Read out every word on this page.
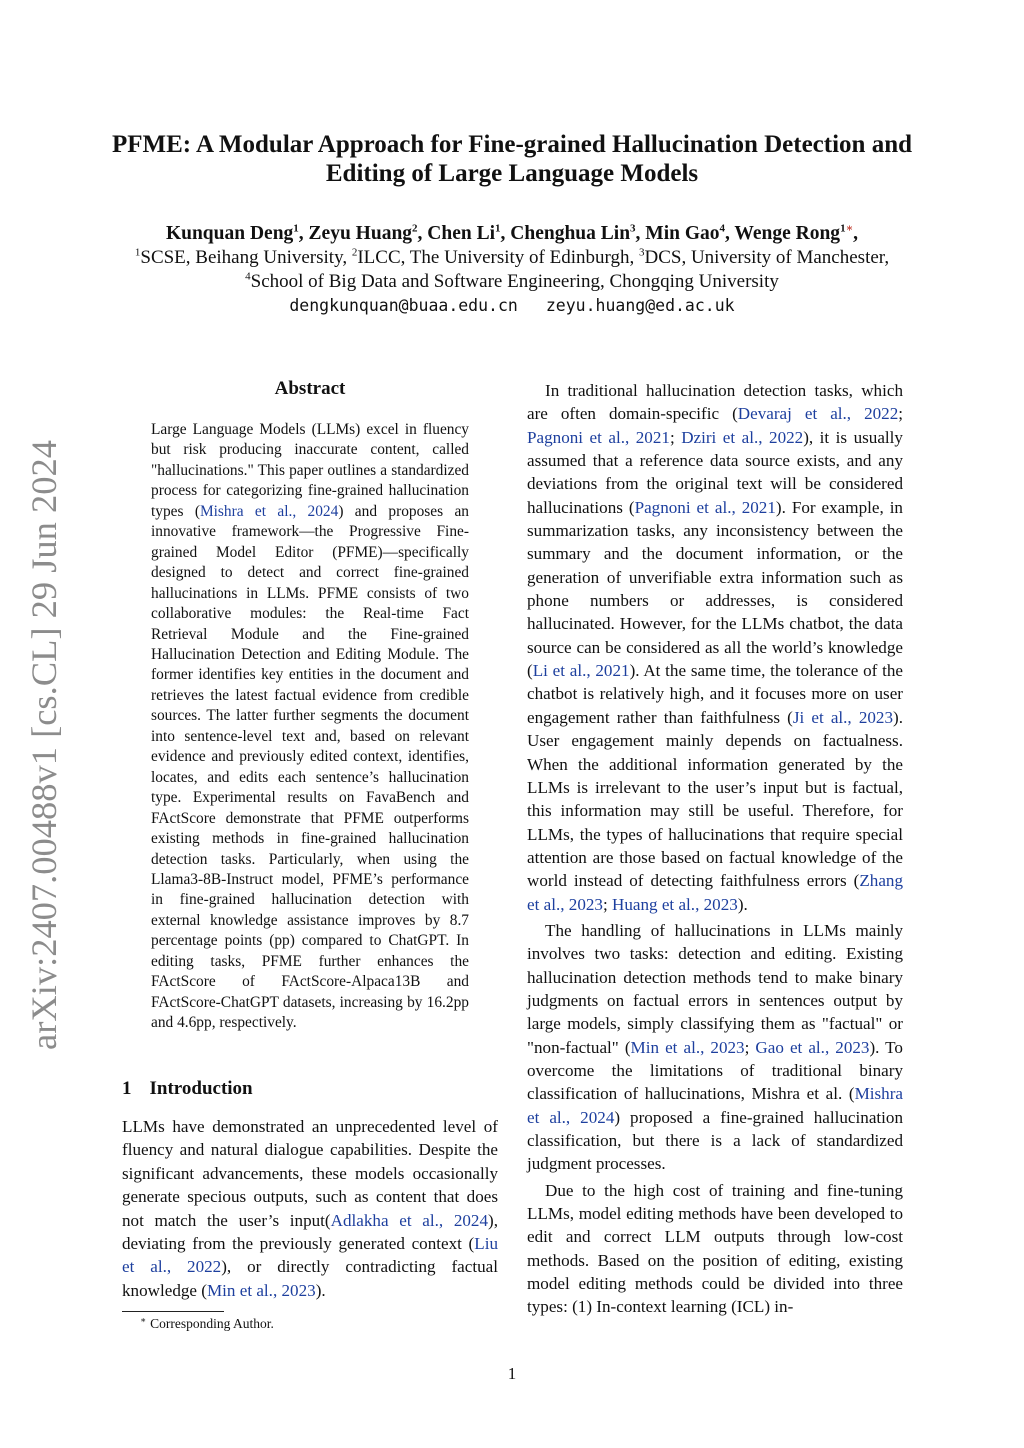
arXiv:2407.00488v1 [cs.CL] 29 Jun 2024
PFME: A Modular Approach for Fine-grained Hallucination Detection and
Editing of Large Language Models
Kunquan Deng$^1$, Zeyu Huang$^2$, Chen Li$^1$, Chenghua Lin$^3$, Min Gao$^4$, Wenge Rong$^{1∗}$,
$^1$SCSE, Beihang University, $^2$ILCC, The University of Edinburgh, $^3$DCS, University of Manchester,
$^4$School of Big Data and Software Engineering, Chongqing University
dengkunquan@buaa.edu.cn zeyu.huang@ed.ac.uk
Abstract
Large Language Models (LLMs) excel in fluency but risk producing inaccurate content, called "hallucinations." This paper outlines a standardized process for categorizing fine-grained hallucination types (Mishra et al., 2024) and proposes an innovative framework—the Progressive Fine-grained Model Editor (PFME)—specifically designed to detect and correct fine-grained hallucinations in LLMs. PFME consists of two collaborative modules: the Real-time Fact Retrieval Module and the Fine-grained Hallucination Detection and Editing Module. The former identifies key entities in the document and retrieves the latest factual evidence from credible sources. The latter further segments the document into sentence-level text and, based on relevant evidence and previously edited context, identifies, locates, and edits each sentence’s hallucination type. Experimental results on FavaBench and FActScore demonstrate that PFME outperforms existing methods in fine-grained hallucination detection tasks. Particularly, when using the Llama3-8B-Instruct model, PFME’s performance in fine-grained hallucination detection with external knowledge assistance improves by 8.7 percentage points (pp) compared to ChatGPT. In editing tasks, PFME further enhances the FActScore of FActScore-Alpaca13B and FActScore-ChatGPT datasets, increasing by 16.2pp and 4.6pp, respectively.
1 Introduction
LLMs have demonstrated an unprecedented level of fluency and natural dialogue capabilities. Despite the significant advancements, these models occasionally generate specious outputs, such as content that does not match the user’s input(Adlakha et al., 2024), deviating from the previously generated context (Liu et al., 2022), or directly contradicting factual knowledge (Min et al., 2023).
∗ Corresponding Author.

In traditional hallucination detection tasks, which are often domain-specific (Devaraj et al., 2022; Pagnoni et al., 2021; Dziri et al., 2022), it is usually assumed that a reference data source exists, and any deviations from the original text will be considered hallucinations (Pagnoni et al., 2021). For example, in summarization tasks, any inconsistency between the summary and the document information, or the generation of unverifiable extra information such as phone numbers or addresses, is considered hallucinated. However, for the LLMs chatbot, the data source can be considered as all the world’s knowledge (Li et al., 2021). At the same time, the tolerance of the chatbot is relatively high, and it focuses more on user engagement rather than faithfulness (Ji et al., 2023). User engagement mainly depends on factualness. When the additional information generated by the LLMs is irrelevant to the user’s input but is factual, this information may still be useful. Therefore, for LLMs, the types of hallucinations that require special attention are those based on factual knowledge of the world instead of detecting faithfulness errors (Zhang et al., 2023; Huang et al., 2023).

The handling of hallucinations in LLMs mainly involves two tasks: detection and editing. Existing hallucination detection methods tend to make binary judgments on factual errors in sentences output by large models, simply classifying them as "factual" or "non-factual" (Min et al., 2023; Gao et al., 2023). To overcome the limitations of traditional binary classification of hallucinations, Mishra et al. (Mishra et al., 2024) proposed a fine-grained hallucination classification, but there is a lack of standardized judgment processes.

Due to the high cost of training and fine-tuning LLMs, model editing methods have been developed to edit and correct LLM outputs through low-cost methods. Based on the position of editing, existing model editing methods could be divided into three types: (1) In-context learning (ICL) in-

1
